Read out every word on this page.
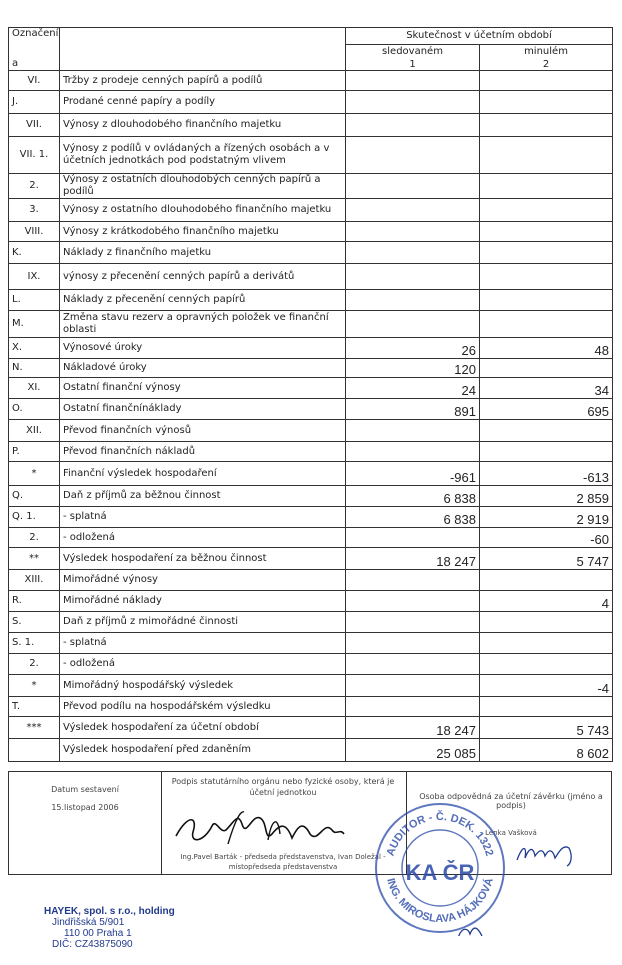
Označení
a		Skutečnost v účetním období	
		sledovaném	minulém
		1	2
VI.	Tržby z prodeje cenných papírů a podílů		
J.	Prodané cenné papíry a podíly		
VII.	Výnosy z dlouhodobého finančního majetku		
VII. 1.	Výnosy z podílů v ovládaných a řízených osobách a v účetních jednotkách pod podstatným vlivem		
2.	Výnosy z ostatních dlouhodobých cenných papírů a podílů		
3.	Výnosy z ostatního dlouhodobého finančního majetku		
VIII.	Výnosy z krátkodobého finančního majetku		
K.	Náklady z finančního majetku		
IX.	výnosy z přecenění cenných papírů a derivátů		
L.	Náklady z přecenění cenných papírů		
M.	Změna stavu rezerv a opravných položek ve finanční oblasti		
X.	Výnosové úroky	26	48
N.	Nákladové úroky	120	
XI.	Ostatní finanční výnosy	24	34
O.	Ostatní finančnínáklady	891	695
XII.	Převod finančních výnosů		
P.	Převod finančních nákladů		
*	Finanční výsledek hospodaření	-961	-613
Q.	Daň z příjmů za běžnou činnost	6 838	2 859
Q. 1.	- splatná	6 838	2 919
2.	- odložená		-60
**	Výsledek hospodaření za běžnou činnost	18 247	5 747
XIII.	Mimořádné výnosy		
R.	Mimořádné náklady		4
S.	Daň z příjmů z mimořádné činnosti		
S. 1.	- splatná		
2.	- odložená		
*	Mimořádný hospodářský výsledek		-4
T.	Převod podílu na hospodářském výsledku		
***	Výsledek hospodaření za účetní období	18 247	5 743
	Výsledek hospodaření před zdaněním	25 085	8 602
Datum sestavení
15.listopad 2006
Podpis statutárního orgánu nebo fyzické osoby, která je účetní jednotkou
Ing.Pavel Barták - předseda představenstva, Ivan Doležal - místopředseda představenstva
Osoba odpovědná za účetní závěrku (jméno a podpis)
Lenka Vašková
AUDITOR - Č. DEK. 1322
ING. MIROSLAVA HÁJKOVÁ
KA ČR
HAYEK, spol. s r.o., holding
Jindřišská 5/901
110 00 Praha 1
DIČ: CZ43875090
